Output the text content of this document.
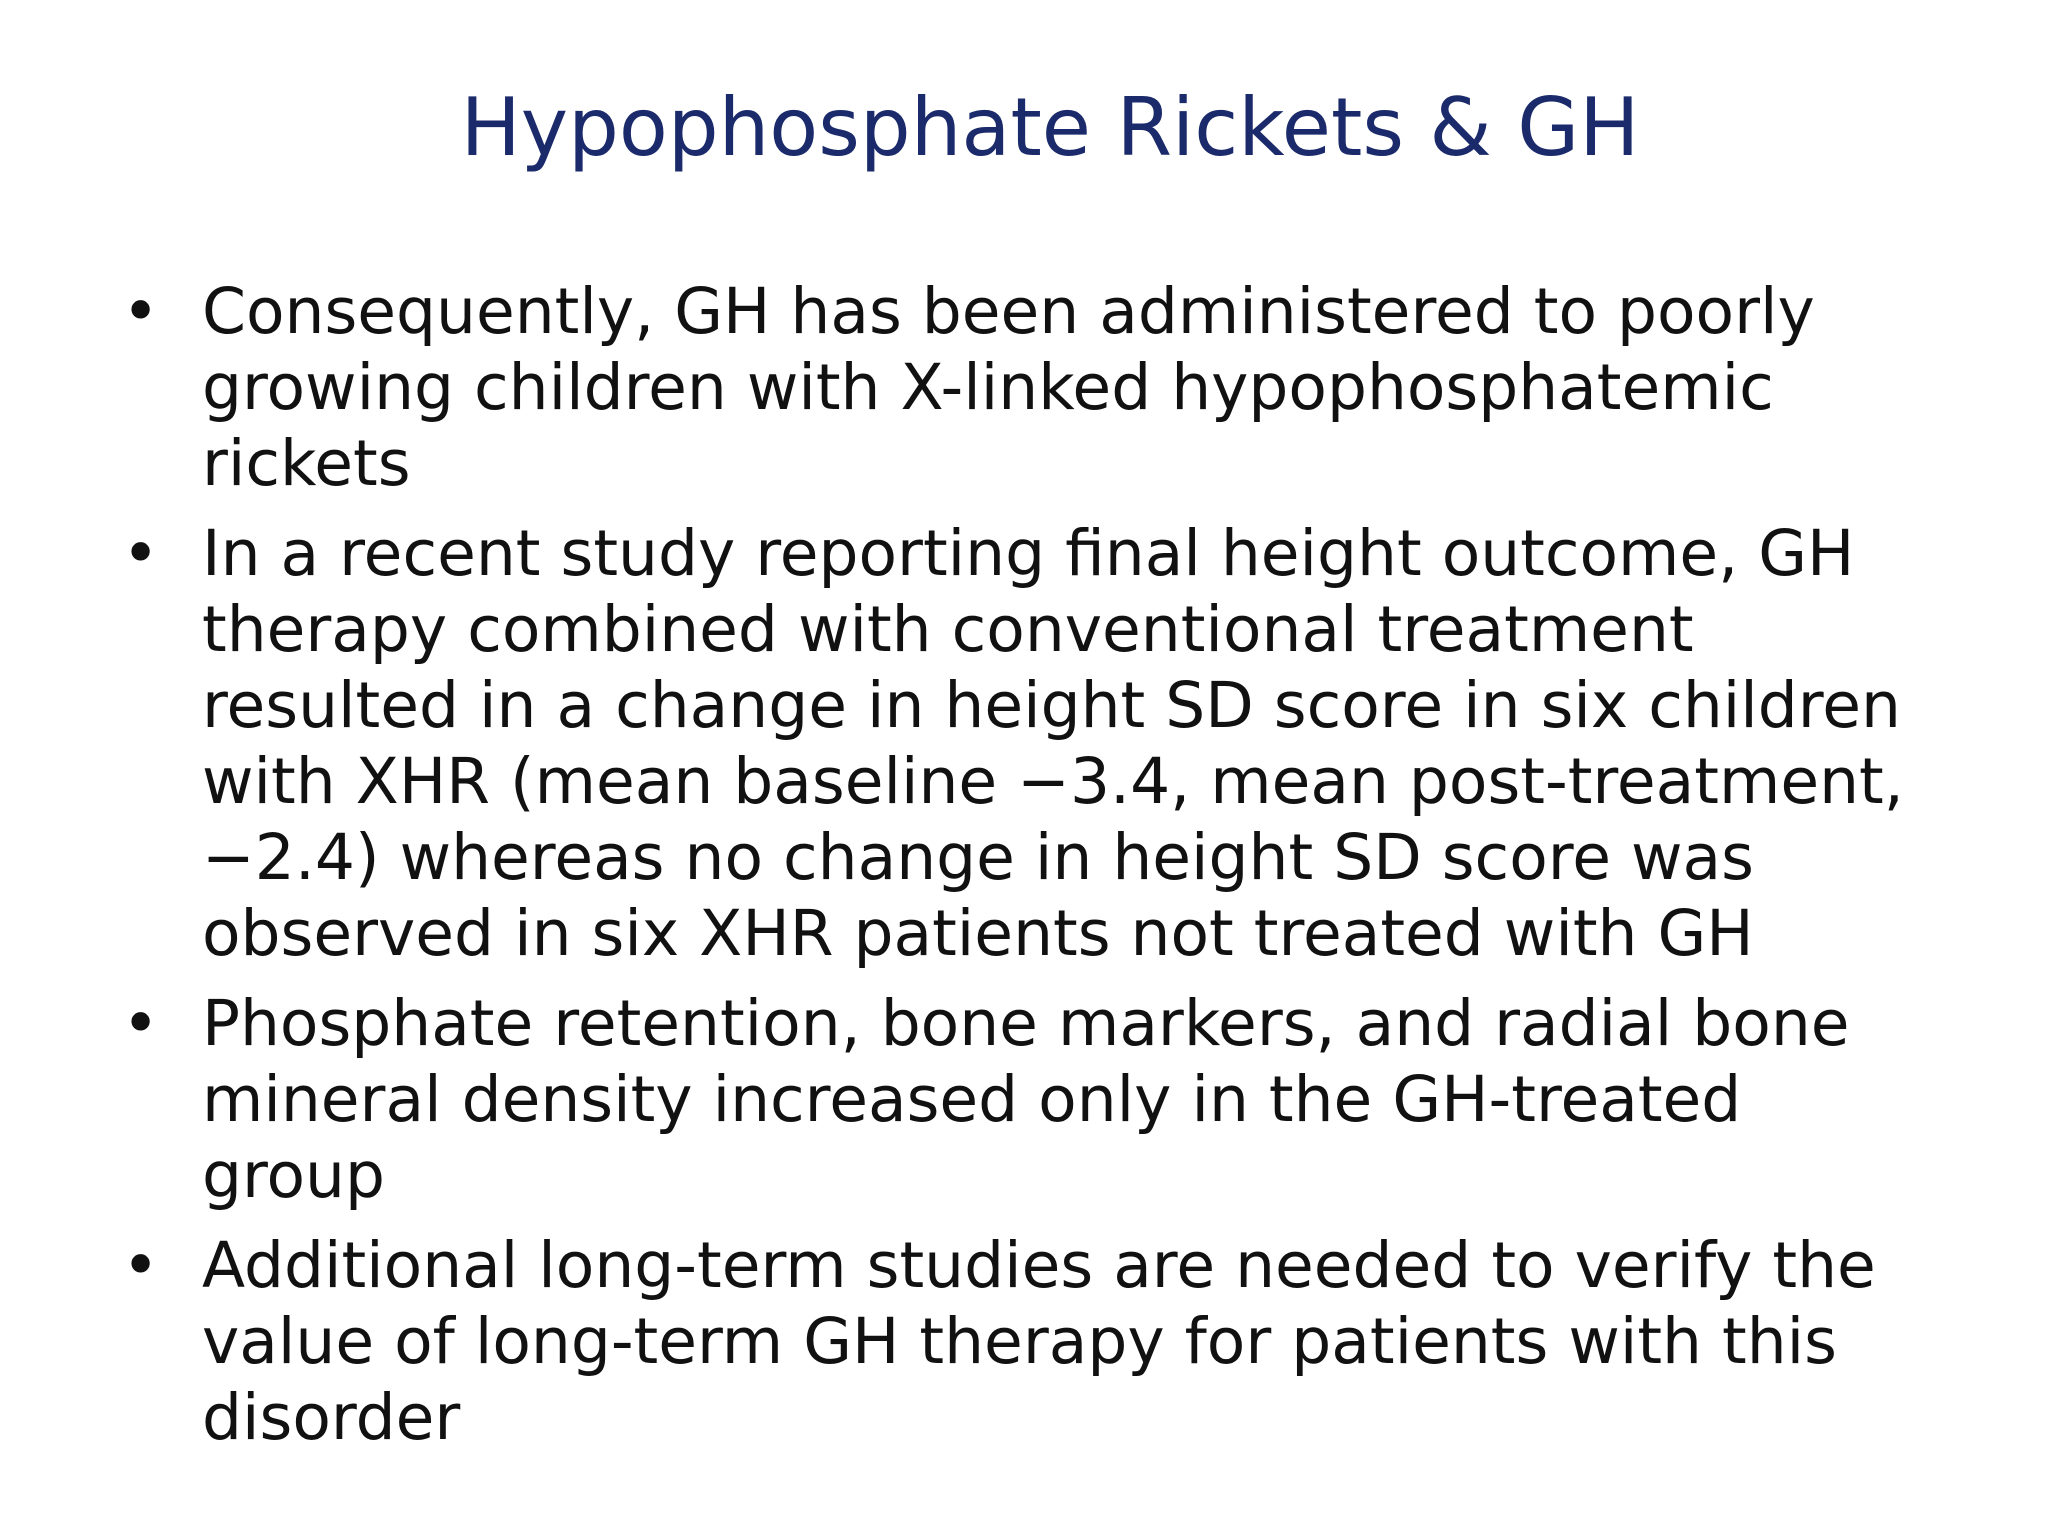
Hypophosphate Rickets & GH
• Consequently, GH has been administered to poorly
growing children with X-linked hypophosphatemic
rickets
• In a recent study reporting final height outcome, GH
therapy combined with conventional treatment
resulted in a change in height SD score in six children
with XHR (mean baseline −3.4, mean post-treatment,
−2.4) whereas no change in height SD score was
observed in six XHR patients not treated with GH
• Phosphate retention, bone markers, and radial bone
mineral density increased only in the GH-treated
group
• Additional long-term studies are needed to verify the
value of long-term GH therapy for patients with this
disorder
